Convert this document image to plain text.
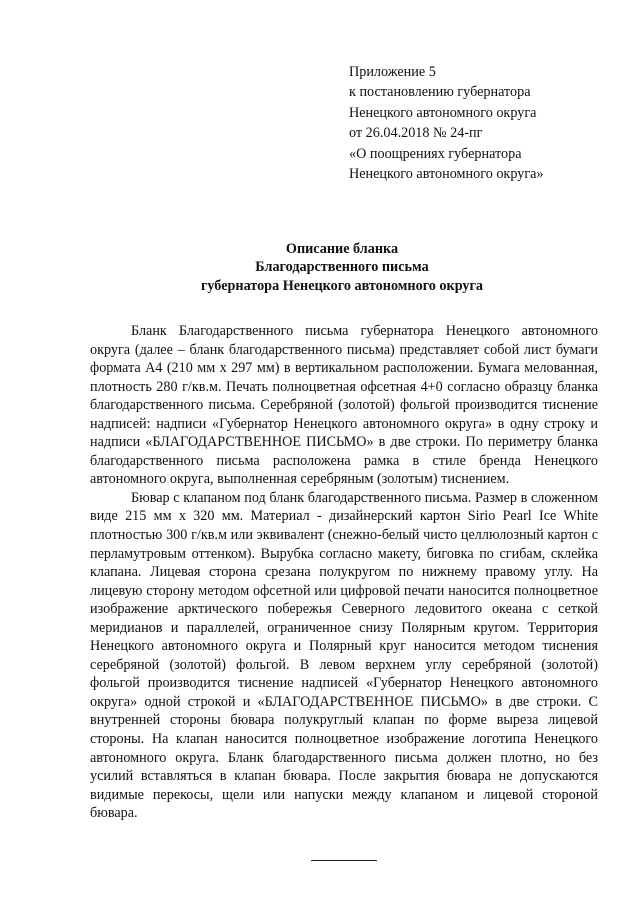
Приложение 5
к постановлению губернатора
Ненецкого автономного округа
от 26.04.2018 № 24-пг
«О поощрениях губернатора
Ненецкого автономного округа»
Описание бланка
Благодарственного письма
губернатора Ненецкого автономного округа

Бланк Благодарственного письма губернатора Ненецкого автономного округа (далее – бланк благодарственного письма) представляет собой лист бумаги формата А4 (210 мм x 297 мм) в вертикальном расположении. Бумага мелованная, плотность 280 г/кв.м. Печать полноцветная офсетная 4+0 согласно образцу бланка благодарственного письма. Серебряной (золотой) фольгой производится тиснение надписей: надписи «Губернатор Ненецкого автономного округа» в одну строку и надписи «БЛАГОДАРСТВЕННОЕ ПИСЬМО» в две строки. По периметру бланка благодарственного письма расположена рамка в стиле бренда Ненецкого автономного округа, выполненная серебряным (золотым) тиснением.

Бювар с клапаном под бланк благодарственного письма. Размер в сложенном виде 215 мм x 320 мм. Материал - дизайнерский картон Sirio Pearl Ice White плотностью 300 г/кв.м или эквивалент (снежно-белый чисто целлюлозный картон с перламутровым оттенком). Вырубка согласно макету, биговка по сгибам, склейка клапана. Лицевая сторона срезана полукругом по нижнему правому углу. На лицевую сторону методом офсетной или цифровой печати наносится полноцветное изображение арктического побережья Северного ледовитого океана с сеткой меридианов и параллелей, ограниченное снизу Полярным кругом. Территория Ненецкого автономного округа и Полярный круг наносится методом тиснения серебряной (золотой) фольгой. В левом верхнем углу серебряной (золотой) фольгой производится тиснение надписей «Губернатор Ненецкого автономного округа» одной строкой и «БЛАГОДАРСТВЕННОЕ ПИСЬМО» в две строки. С внутренней стороны бювара полукруглый клапан по форме выреза лицевой стороны. На клапан наносится полноцветное изображение логотипа Ненецкого автономного округа. Бланк благодарственного письма должен плотно, но без усилий вставляться в клапан бювара. После закрытия бювара не допускаются видимые перекосы, щели или напуски между клапаном и лицевой стороной бювара.
